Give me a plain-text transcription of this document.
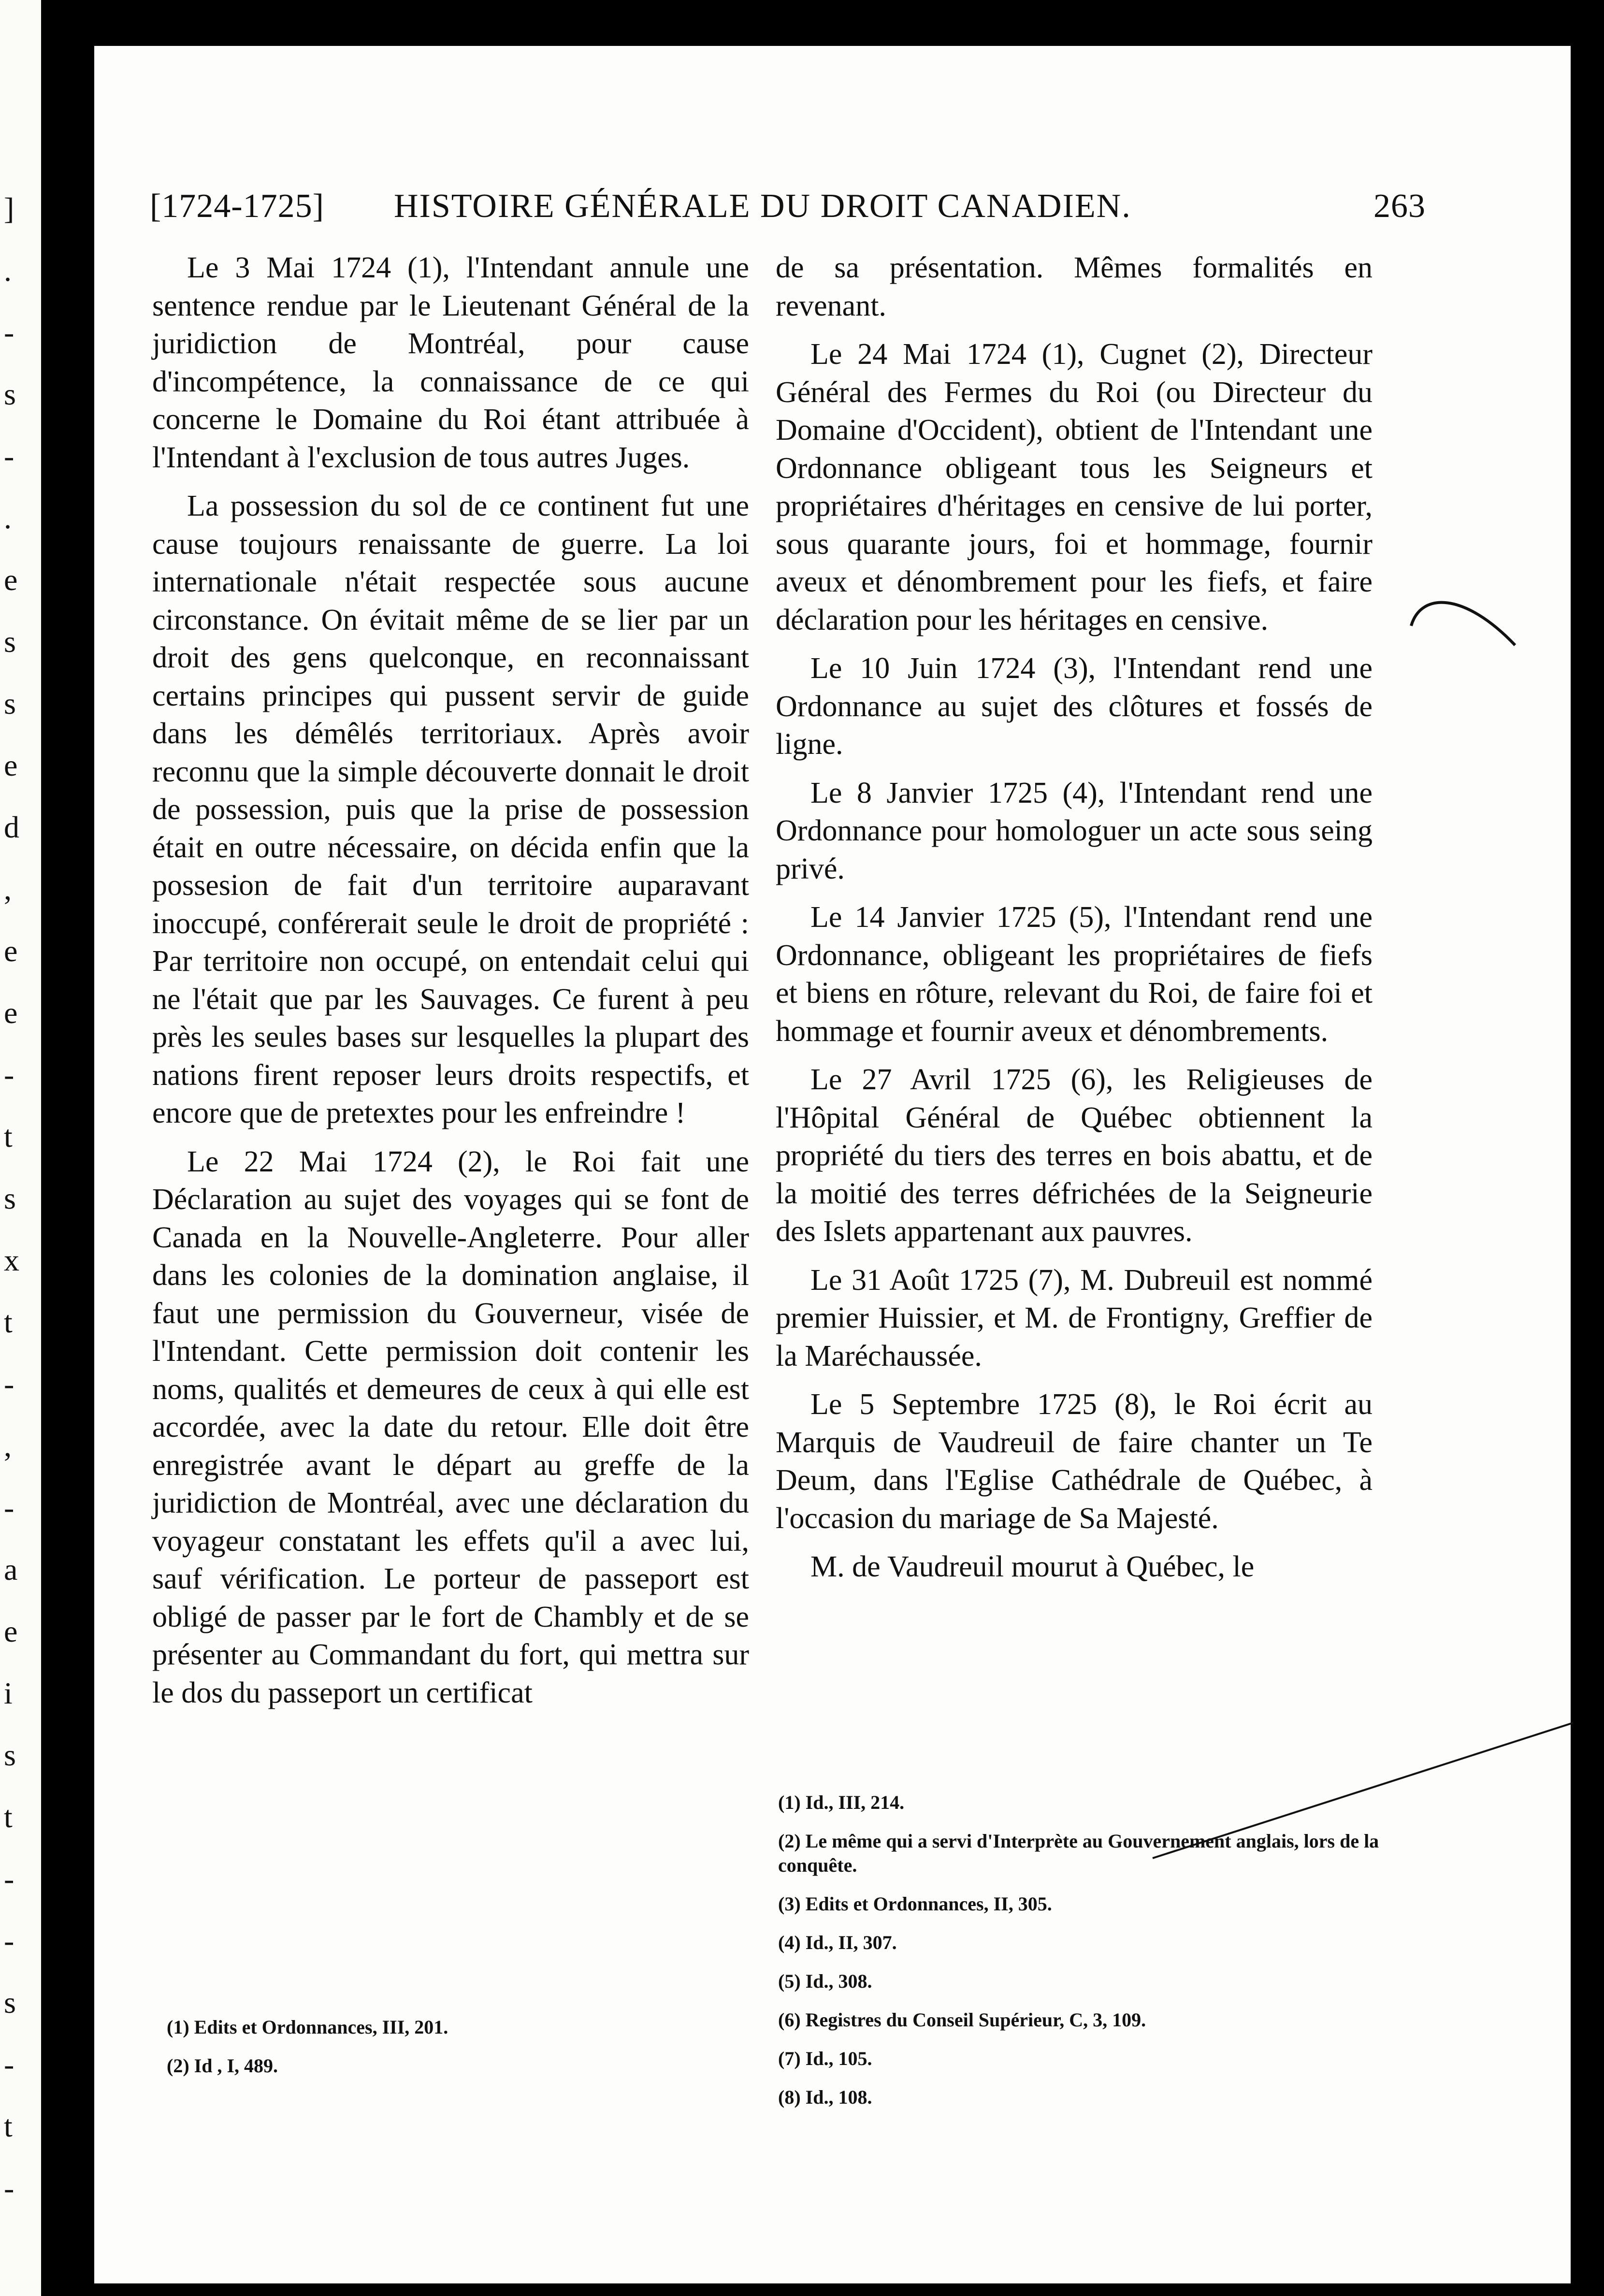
]
.
-
s
-
.
e
s
s
e
d
,
e
e
-
t
s
x
t
-
,
-
a
e
i
s
t
-
-
s
-
t
-
[1724-1725] HISTOIRE GÉNÉRALE DU DROIT CANADIEN.	263

Le 3 Mai 1724 (1), l'Intendant annule une sentence rendue par le Lieutenant Général de la juridiction de Montréal, pour cause d'incompétence, la connaissance de ce qui concerne le Domaine du Roi étant attribuée à l'Intendant à l'exclusion de tous autres Juges.

La possession du sol de ce continent fut une cause toujours renaissante de guerre. La loi internationale n'était respectée sous aucune circonstance. On évitait même de se lier par un droit des gens quelconque, en reconnaissant certains principes qui pussent servir de guide dans les démêlés territoriaux. Après avoir reconnu que la simple découverte donnait le droit de possession, puis que la prise de possession était en outre nécessaire, on décida enfin que la possesion de fait d'un territoire auparavant inoccupé, conférerait seule le droit de propriété : Par territoire non occupé, on entendait celui qui ne l'était que par les Sauvages. Ce furent à peu près les seules bases sur lesquelles la plupart des nations firent reposer leurs droits respectifs, et encore que de pretextes pour les enfreindre !

Le 22 Mai 1724 (2), le Roi fait une Déclaration au sujet des voyages qui se font de Canada en la Nouvelle-Angleterre. Pour aller dans les colonies de la domination anglaise, il faut une permission du Gouverneur, visée de l'Intendant. Cette permission doit contenir les noms, qualités et demeures de ceux à qui elle est accordée, avec la date du retour. Elle doit être enregistrée avant le départ au greffe de la juridiction de Montréal, avec une déclaration du voyageur constatant les effets qu'il a avec lui, sauf vérification. Le porteur de passeport est obligé de passer par le fort de Chambly et de se présenter au Commandant du fort, qui mettra sur le dos du passeport un certificat

de sa présentation. Mêmes formalités en revenant.

Le 24 Mai 1724 (1), Cugnet (2), Directeur Général des Fermes du Roi (ou Directeur du Domaine d'Occident), obtient de l'Intendant une Ordonnance obligeant tous les Seigneurs et propriétaires d'héritages en censive de lui porter, sous quarante jours, foi et hommage, fournir aveux et dénombrement pour les fiefs, et faire déclaration pour les héritages en censive.

Le 10 Juin 1724 (3), l'Intendant rend une Ordonnance au sujet des clôtures et fossés de ligne.

Le 8 Janvier 1725 (4), l'Intendant rend une Ordonnance pour homologuer un acte sous seing privé.

Le 14 Janvier 1725 (5), l'Intendant rend une Ordonnance, obligeant les propriétaires de fiefs et biens en rôture, relevant du Roi, de faire foi et hommage et fournir aveux et dénombrements.

Le 27 Avril 1725 (6), les Religieuses de l'Hôpital Général de Québec obtiennent la propriété du tiers des terres en bois abattu, et de la moitié des terres défrichées de la Seigneurie des Islets appartenant aux pauvres.

Le 31 Août 1725 (7), M. Dubreuil est nommé premier Huissier, et M. de Frontigny, Greffier de la Maréchaussée.

Le 5 Septembre 1725 (8), le Roi écrit au Marquis de Vaudreuil de faire chanter un Te Deum, dans l'Eglise Cathédrale de Québec, à l'occasion du mariage de Sa Majesté.

M. de Vaudreuil mourut à Québec, le

(1) Edits et Ordonnances, III, 201.
(2) Id , I, 489.
(1) Id., III, 214.
(2) Le même qui a servi d'Interprète au Gouvernement anglais, lors de la conquête.
(3) Edits et Ordonnances, II, 305.
(4) Id., II, 307.
(5) Id., 308.
(6) Registres du Conseil Supérieur, C, 3, 109.
(7) Id., 105.
(8) Id., 108.
